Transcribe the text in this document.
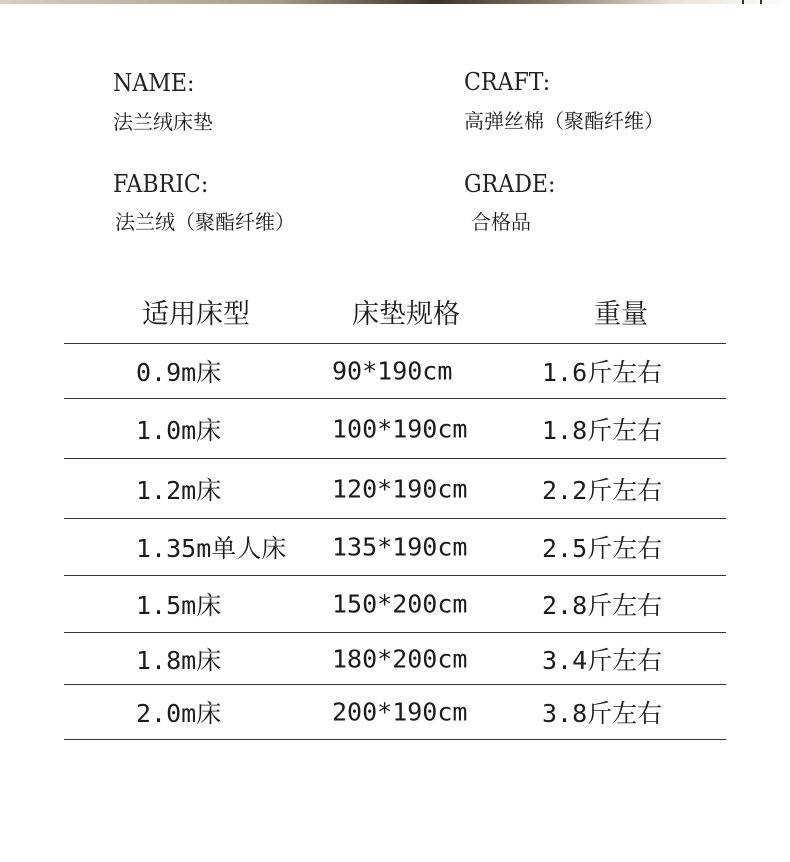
NAME:
法兰绒床垫
CRAFT:
高弹丝棉（聚酯纤维）
FABRIC:
法兰绒（聚酯纤维）
GRADE:
合格品
适用床型	床垫规格	重量
0.9m床	90*190cm	1.6斤左右
1.0m床	100*190cm	1.8斤左右
1.2m床	120*190cm	2.2斤左右
1.35m单人床 135*190cm	2.5斤左右
1.5m床	150*200cm	2.8斤左右
1.8m床	180*200cm	3.4斤左右
2.0m床	200*190cm	3.8斤左右
